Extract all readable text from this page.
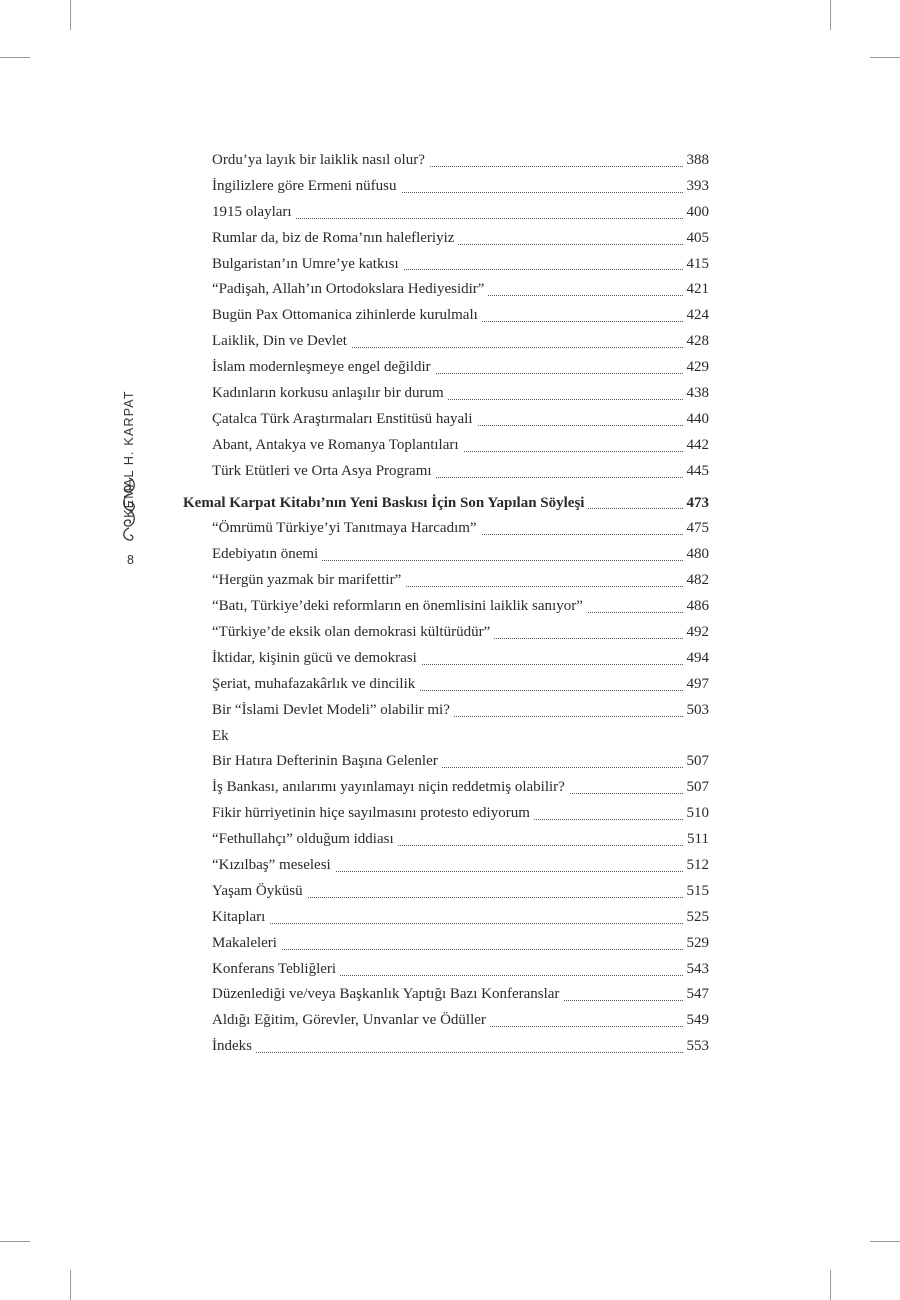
KEMAL H. KARPAT
8
Ordu’ya layık bir laiklik nasıl olur?	388
İngilizlere göre Ermeni nüfusu	393
1915 olayları	400
Rumlar da, biz de Roma’nın halefleriyiz	405
Bulgaristan’ın Umre’ye katkısı	415
“Padişah, Allah’ın Ortodokslara Hediyesidir”	421
Bugün Pax Ottomanica zihinlerde kurulmalı	424
Laiklik, Din ve Devlet	428
İslam modernleşmeye engel değildir	429
Kadınların korkusu anlaşılır bir durum	438
Çatalca Türk Araştırmaları Enstitüsü hayali	440
Abant, Antakya ve Romanya Toplantıları	442
Türk Etütleri ve Orta Asya Programı	445
Kemal Karpat Kitabı’nın Yeni Baskısı İçin Son Yapılan Söyleşi	473
“Ömrümü Türkiye’yi Tanıtmaya Harcadım”	475
Edebiyatın önemi	480
“Hergün yazmak bir marifettir”	482
“Batı, Türkiye’deki reformların en önemlisini laiklik sanıyor”	486
“Türkiye’de eksik olan demokrasi kültürüdür”	492
İktidar, kişinin gücü ve demokrasi	494
Şeriat, muhafazakârlık ve dincilik	497
Bir “İslami Devlet Modeli” olabilir mi?	503
Ek
Bir Hatıra Defterinin Başına Gelenler	507
İş Bankası, anılarımı yayınlamayı niçin reddetmiş olabilir?	507
Fikir hürriyetinin hiçe sayılmasını protesto ediyorum	510
“Fethullahçı” olduğum iddiası	511
“Kızılbaş” meselesi	512
Yaşam Öyküsü	515
Kitapları	525
Makaleleri	529
Konferans Tebliğleri	543
Düzenlediği ve/veya Başkanlık Yaptığı Bazı Konferanslar	547
Aldığı Eğitim, Görevler, Unvanlar ve Ödüller	549
İndeks	553
